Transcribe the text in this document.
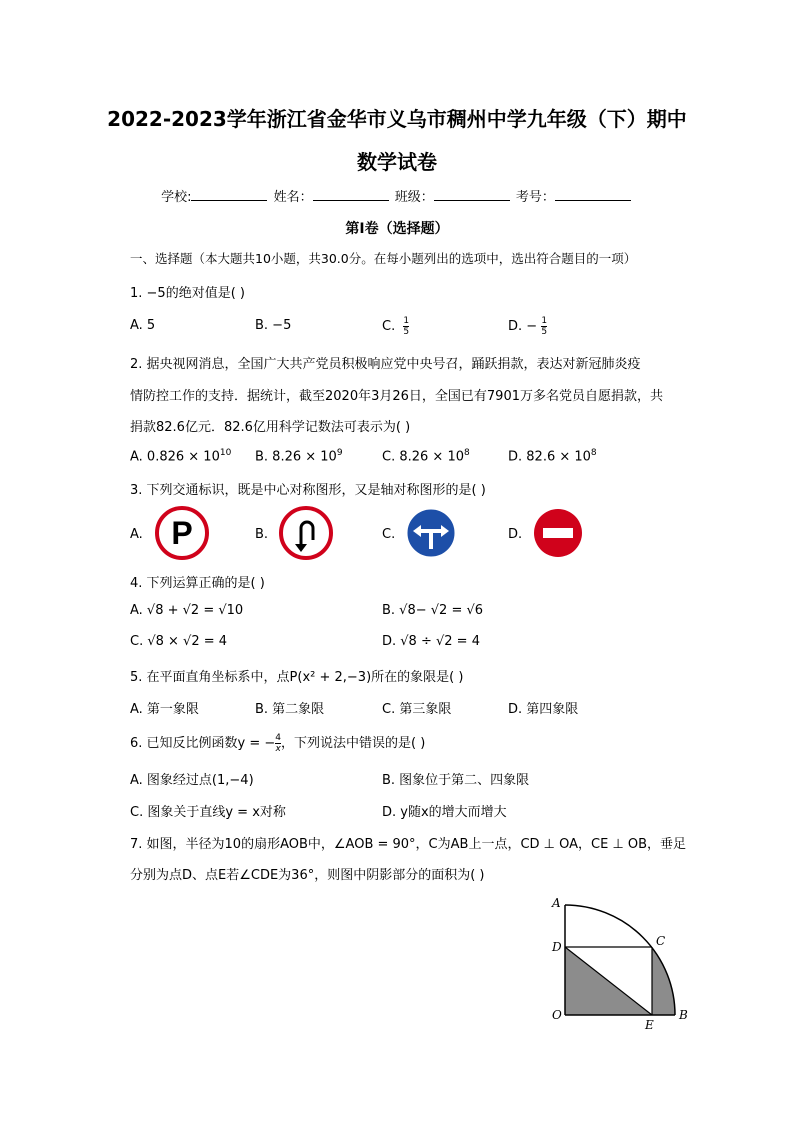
2022-2023学年浙江省金华市义乌市稠州中学九年级（下）期中
数学试卷
学校:	姓名：	班级：	考号：
第I卷（选择题）
一、选择题（本大题共10小题，共30.0分。在每小题列出的选项中，选出符合题目的一项）
1. −5的绝对值是( )
A. 5	B. −5	C. $\frac{1}{5}$	D. − $\frac{1}{5}$
2. 据央视网消息，全国广大共产党员积极响应党中央号召，踊跃捐款，表达对新冠肺炎疫
情防控工作的支持．据统计，截至2020年3月26日，全国已有7901万多名党员自愿捐款，共
捐款82.6亿元．82.6亿用科学记数法可表示为( )
A. $0.826 \times 10^{10}$ B. $8.26 \times 10^9$	C. $8.26 \times 10^8$	D. $82.6 \times 10^8$
3. 下列交通标识，既是中心对称图形，又是轴对称图形的是( )
A. P	B.	C.	D.
4. 下列运算正确的是( )
A. √8 + √2 = √10	B. √8− √2 = √6
C. √8 × √2 = 4	D. √8 ÷ √2 = 4
5. 在平面直角坐标系中，点P(x² + 2,−3)所在的象限是( )
A. 第一象限	B. 第二象限	C. 第三象限	D. 第四象限
6. 已知反比例函数y = − $\frac{4}{x}$ ，下列说法中错误的是( )
A. 图象经过点(1,−4)	B. 图象位于第二、四象限
C. 图象关于直线y = x对称	D. y随x的增大而增大
7. 如图，半径为10的扇形AOB中，∠AOB = 90°，C为AB上一点，CD ⊥ OA，CE ⊥ OB，垂足
分别为点D、点E若∠CDE为36°，则图中阴影部分的面积为( )
A
D	C
O
E
B
